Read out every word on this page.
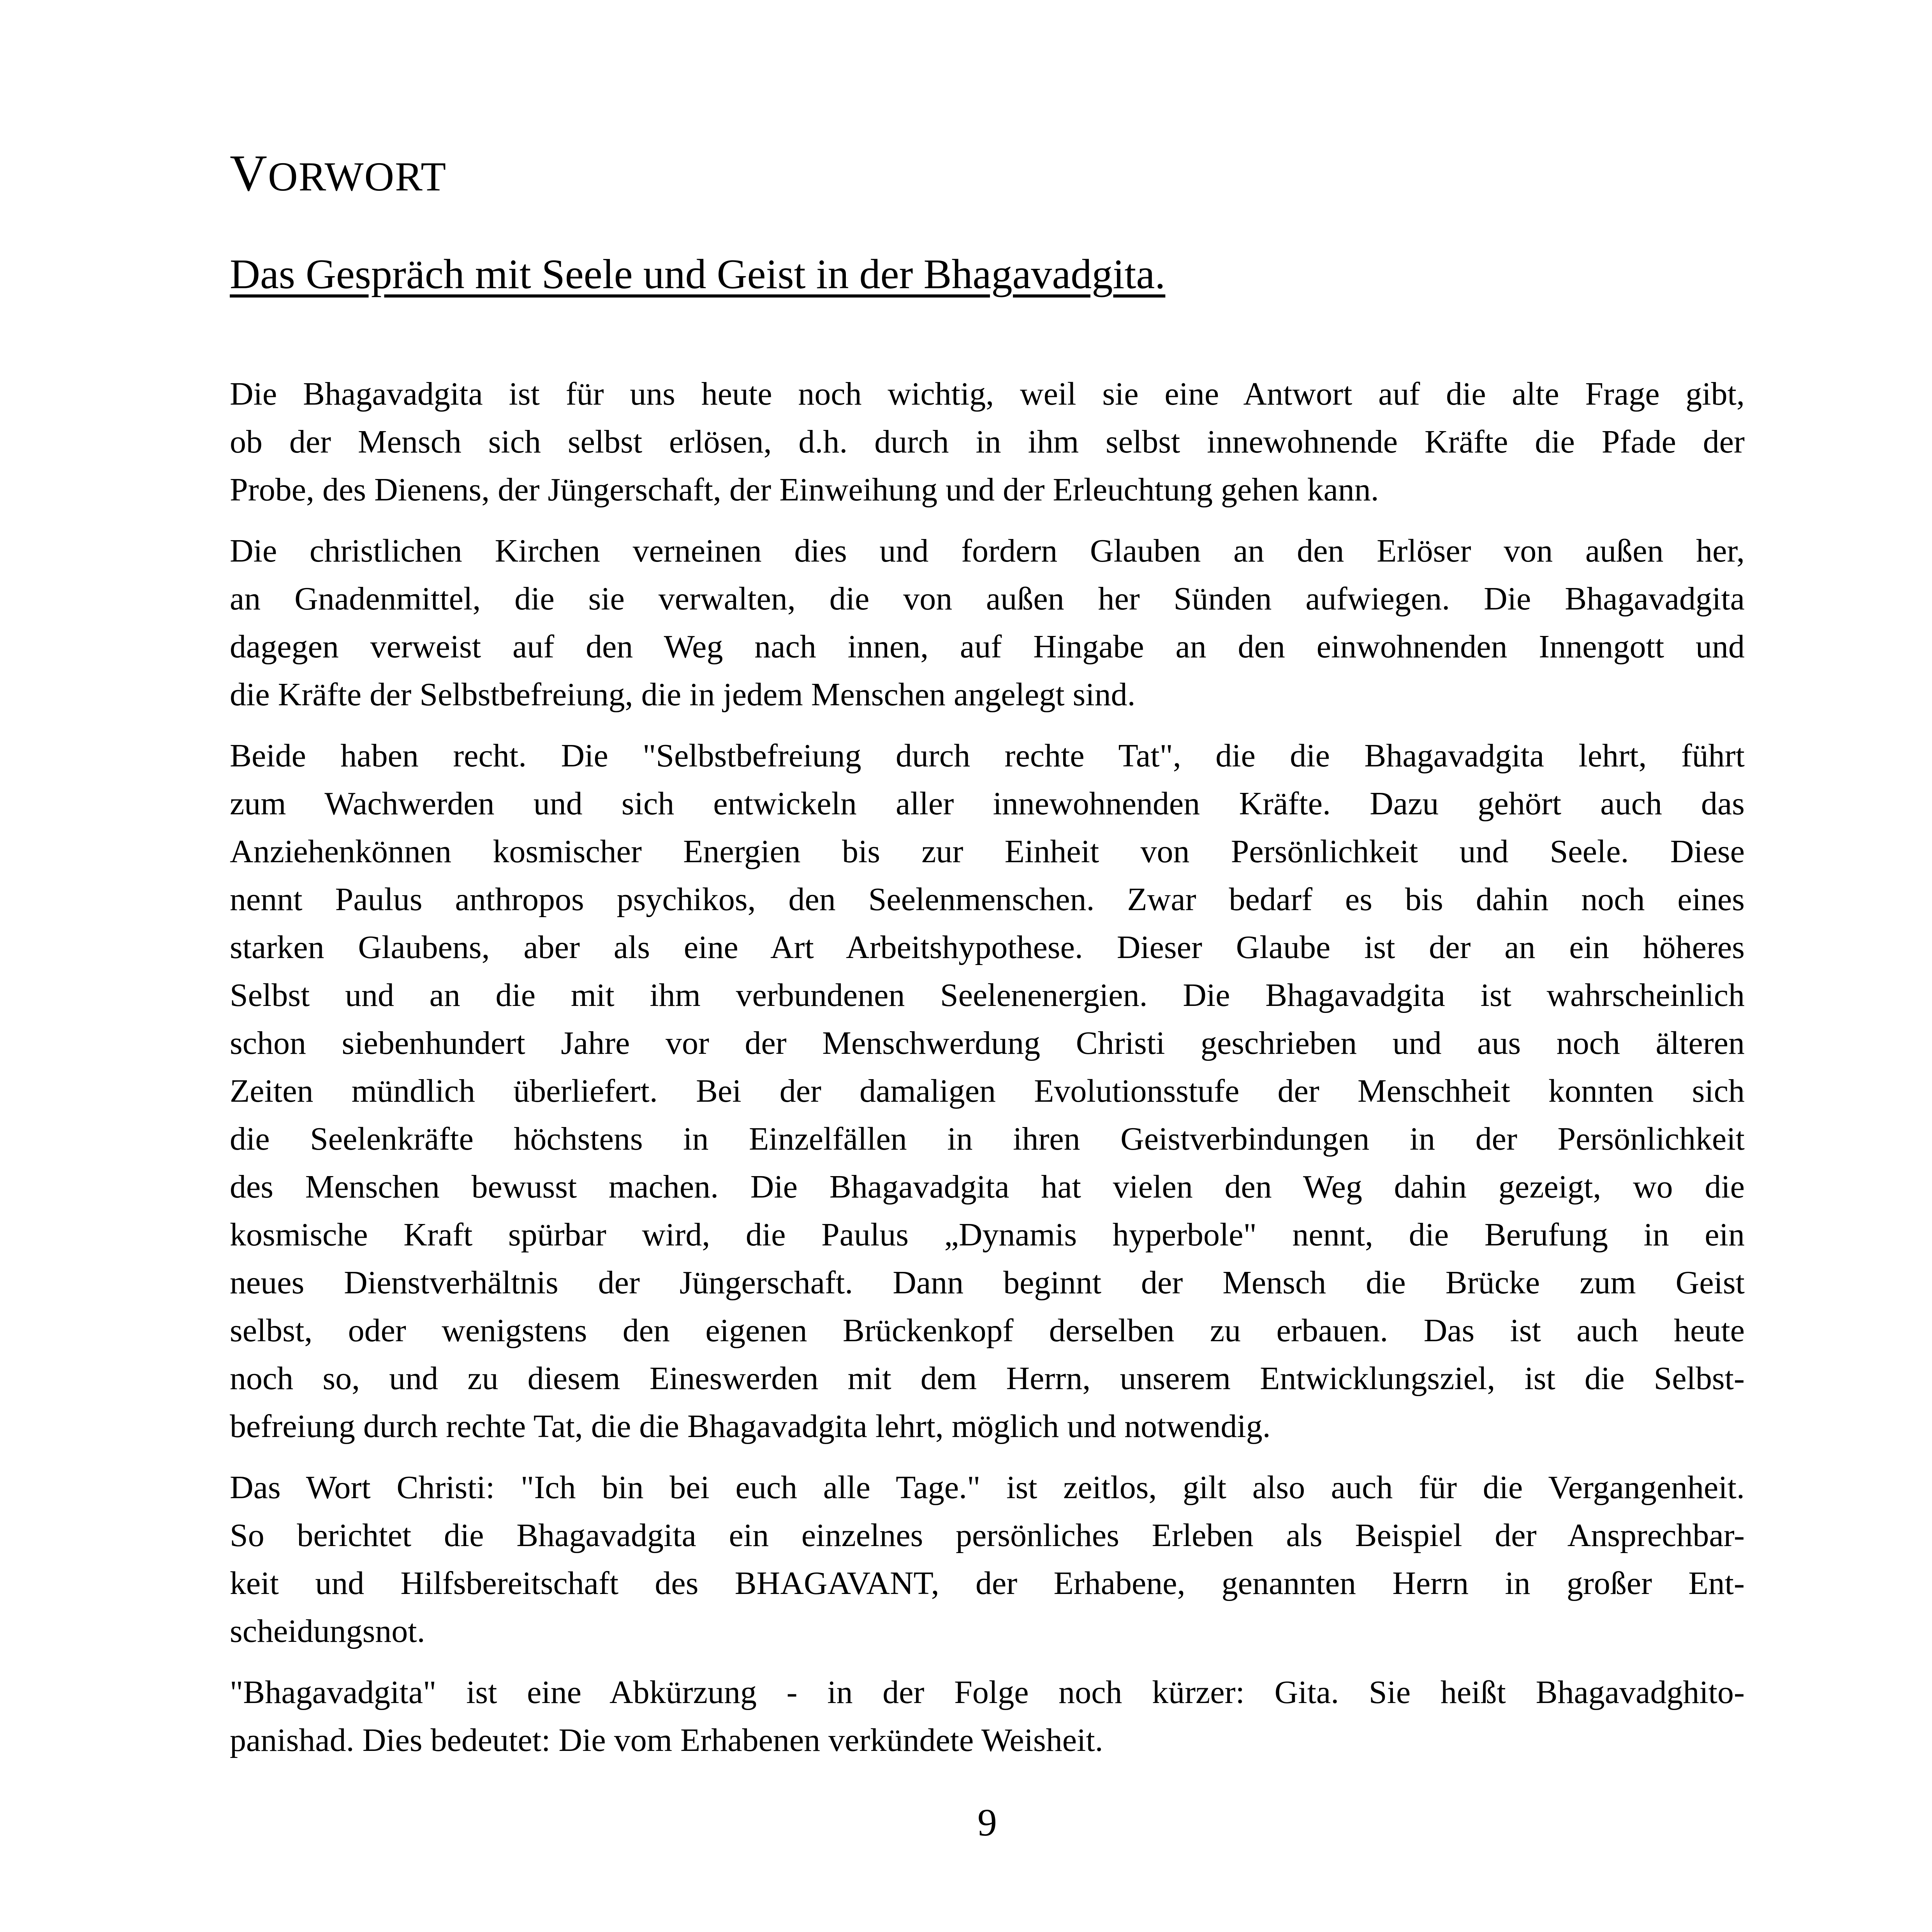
VORWORT
Das Gespräch mit Seele und Geist in der Bhagavadgita.
Die Bhagavadgita ist für uns heute noch wichtig, weil sie eine Antwort auf die alte Frage gibt,
ob der Mensch sich selbst erlösen, d.h. durch in ihm selbst innewohnende Kräfte die Pfade der
Probe, des Dienens, der Jüngerschaft, der Einweihung und der Erleuchtung gehen kann.
Die christlichen Kirchen verneinen dies und fordern Glauben an den Erlöser von außen her,
an Gnadenmittel, die sie verwalten, die von außen her Sünden aufwiegen. Die Bhagavadgita
dagegen verweist auf den Weg nach innen, auf Hingabe an den einwohnenden Innengott und
die Kräfte der Selbstbefreiung, die in jedem Menschen angelegt sind.
Beide haben recht. Die "Selbstbefreiung durch rechte Tat", die die Bhagavadgita lehrt, führt
zum Wachwerden und sich entwickeln aller innewohnenden Kräfte. Dazu gehört auch das
Anziehenkönnen kosmischer Energien bis zur Einheit von Persönlichkeit und Seele. Diese
nennt Paulus anthropos psychikos, den Seelenmenschen. Zwar bedarf es bis dahin noch eines
starken Glaubens, aber als eine Art Arbeitshypothese. Dieser Glaube ist der an ein höheres
Selbst und an die mit ihm verbundenen Seelenenergien. Die Bhagavadgita ist wahrscheinlich
schon siebenhundert Jahre vor der Menschwerdung Christi geschrieben und aus noch älteren
Zeiten mündlich überliefert. Bei der damaligen Evolutionsstufe der Menschheit konnten sich
die Seelenkräfte höchstens in Einzelfällen in ihren Geistverbindungen in der Persönlichkeit
des Menschen bewusst machen. Die Bhagavadgita hat vielen den Weg dahin gezeigt, wo die
kosmische Kraft spürbar wird, die Paulus „Dynamis hyperbole" nennt, die Berufung in ein
neues Dienstverhältnis der Jüngerschaft. Dann beginnt der Mensch die Brücke zum Geist
selbst, oder wenigstens den eigenen Brückenkopf derselben zu erbauen. Das ist auch heute
noch so, und zu diesem Eineswerden mit dem Herrn, unserem Entwicklungsziel, ist die Selbst-
befreiung durch rechte Tat, die die Bhagavadgita lehrt, möglich und notwendig.
Das Wort Christi: "Ich bin bei euch alle Tage." ist zeitlos, gilt also auch für die Vergangenheit.
So berichtet die Bhagavadgita ein einzelnes persönliches Erleben als Beispiel der Ansprechbar-
keit und Hilfsbereitschaft des BHAGAVANT, der Erhabene, genannten Herrn in großer Ent-
scheidungsnot.
"Bhagavadgita" ist eine Abkürzung - in der Folge noch kürzer: Gita. Sie heißt Bhagavadghito-
panishad. Dies bedeutet: Die vom Erhabenen verkündete Weisheit.
9
